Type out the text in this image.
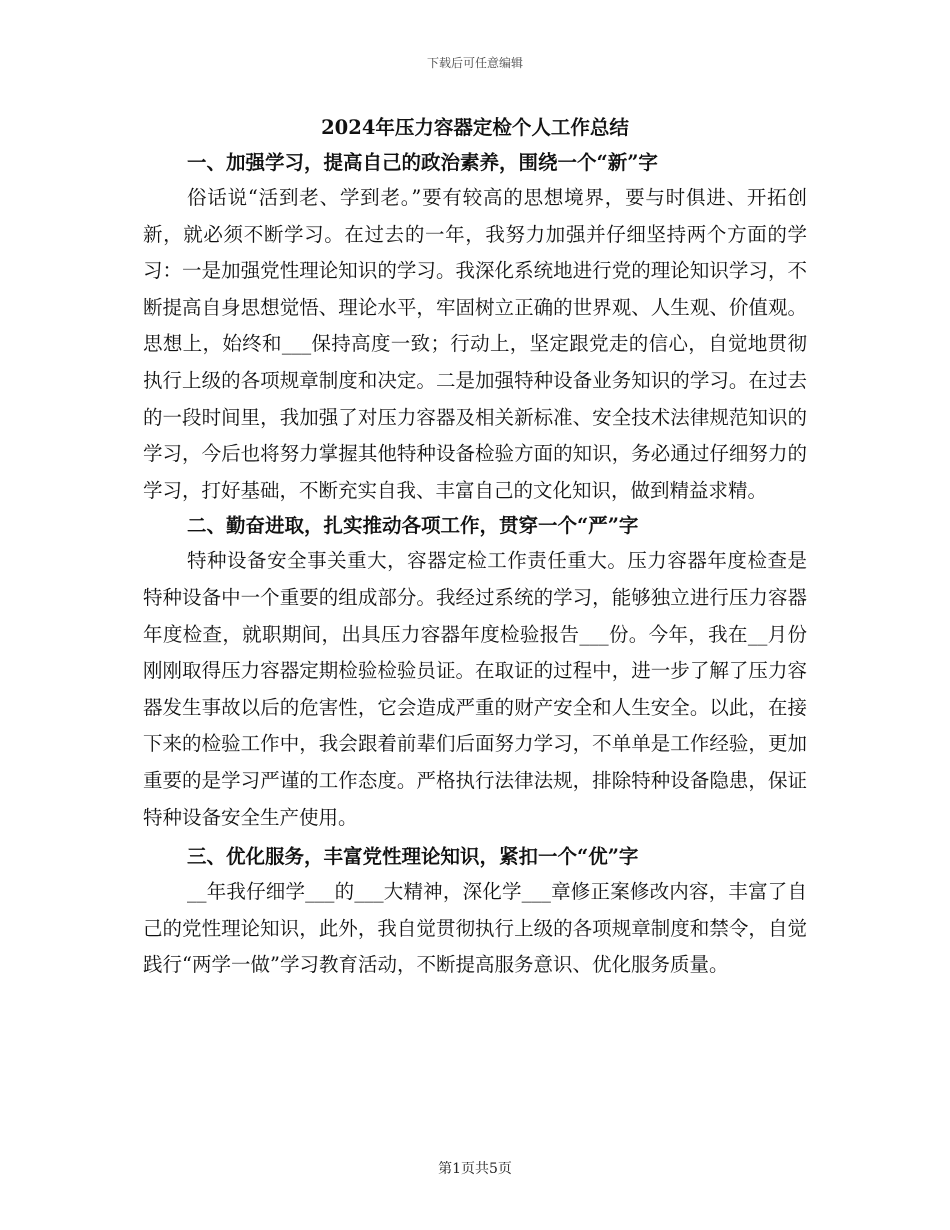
下载后可任意编辑

2024年压力容器定检个人工作总结

一、加强学习，提高自己的政治素养，围绕一个“新”字

俗话说“活到老、学到老。”要有较高的思想境界，要与时俱进、开拓创新，就必须不断学习。在过去的一年，我努力加强并仔细坚持两个方面的学习：一是加强党性理论知识的学习。我深化系统地进行党的理论知识学习，不断提高自身思想觉悟、理论水平，牢固树立正确的世界观、人生观、价值观。思想上，始终和___保持高度一致；行动上，坚定跟党走的信心，自觉地贯彻执行上级的各项规章制度和决定。二是加强特种设备业务知识的学习。在过去的一段时间里，我加强了对压力容器及相关新标准、安全技术法律规范知识的学习，今后也将努力掌握其他特种设备检验方面的知识，务必通过仔细努力的学习，打好基础，不断充实自我、丰富自己的文化知识，做到精益求精。

二、勤奋进取，扎实推动各项工作，贯穿一个“严”字

特种设备安全事关重大，容器定检工作责任重大。压力容器年度检查是特种设备中一个重要的组成部分。我经过系统的学习，能够独立进行压力容器年度检查，就职期间，出具压力容器年度检验报告___份。今年，我在__月份刚刚取得压力容器定期检验检验员证。在取证的过程中，进一步了解了压力容器发生事故以后的危害性，它会造成严重的财产安全和人生安全。以此，在接下来的检验工作中，我会跟着前辈们后面努力学习，不单单是工作经验，更加重要的是学习严谨的工作态度。严格执行法律法规，排除特种设备隐患，保证特种设备安全生产使用。

三、优化服务，丰富党性理论知识，紧扣一个“优”字

__年我仔细学___的___大精神，深化学___章修正案修改内容，丰富了自己的党性理论知识，此外，我自觉贯彻执行上级的各项规章制度和禁令，自觉践行“两学一做”学习教育活动，不断提高服务意识、优化服务质量。

第1页共5页
